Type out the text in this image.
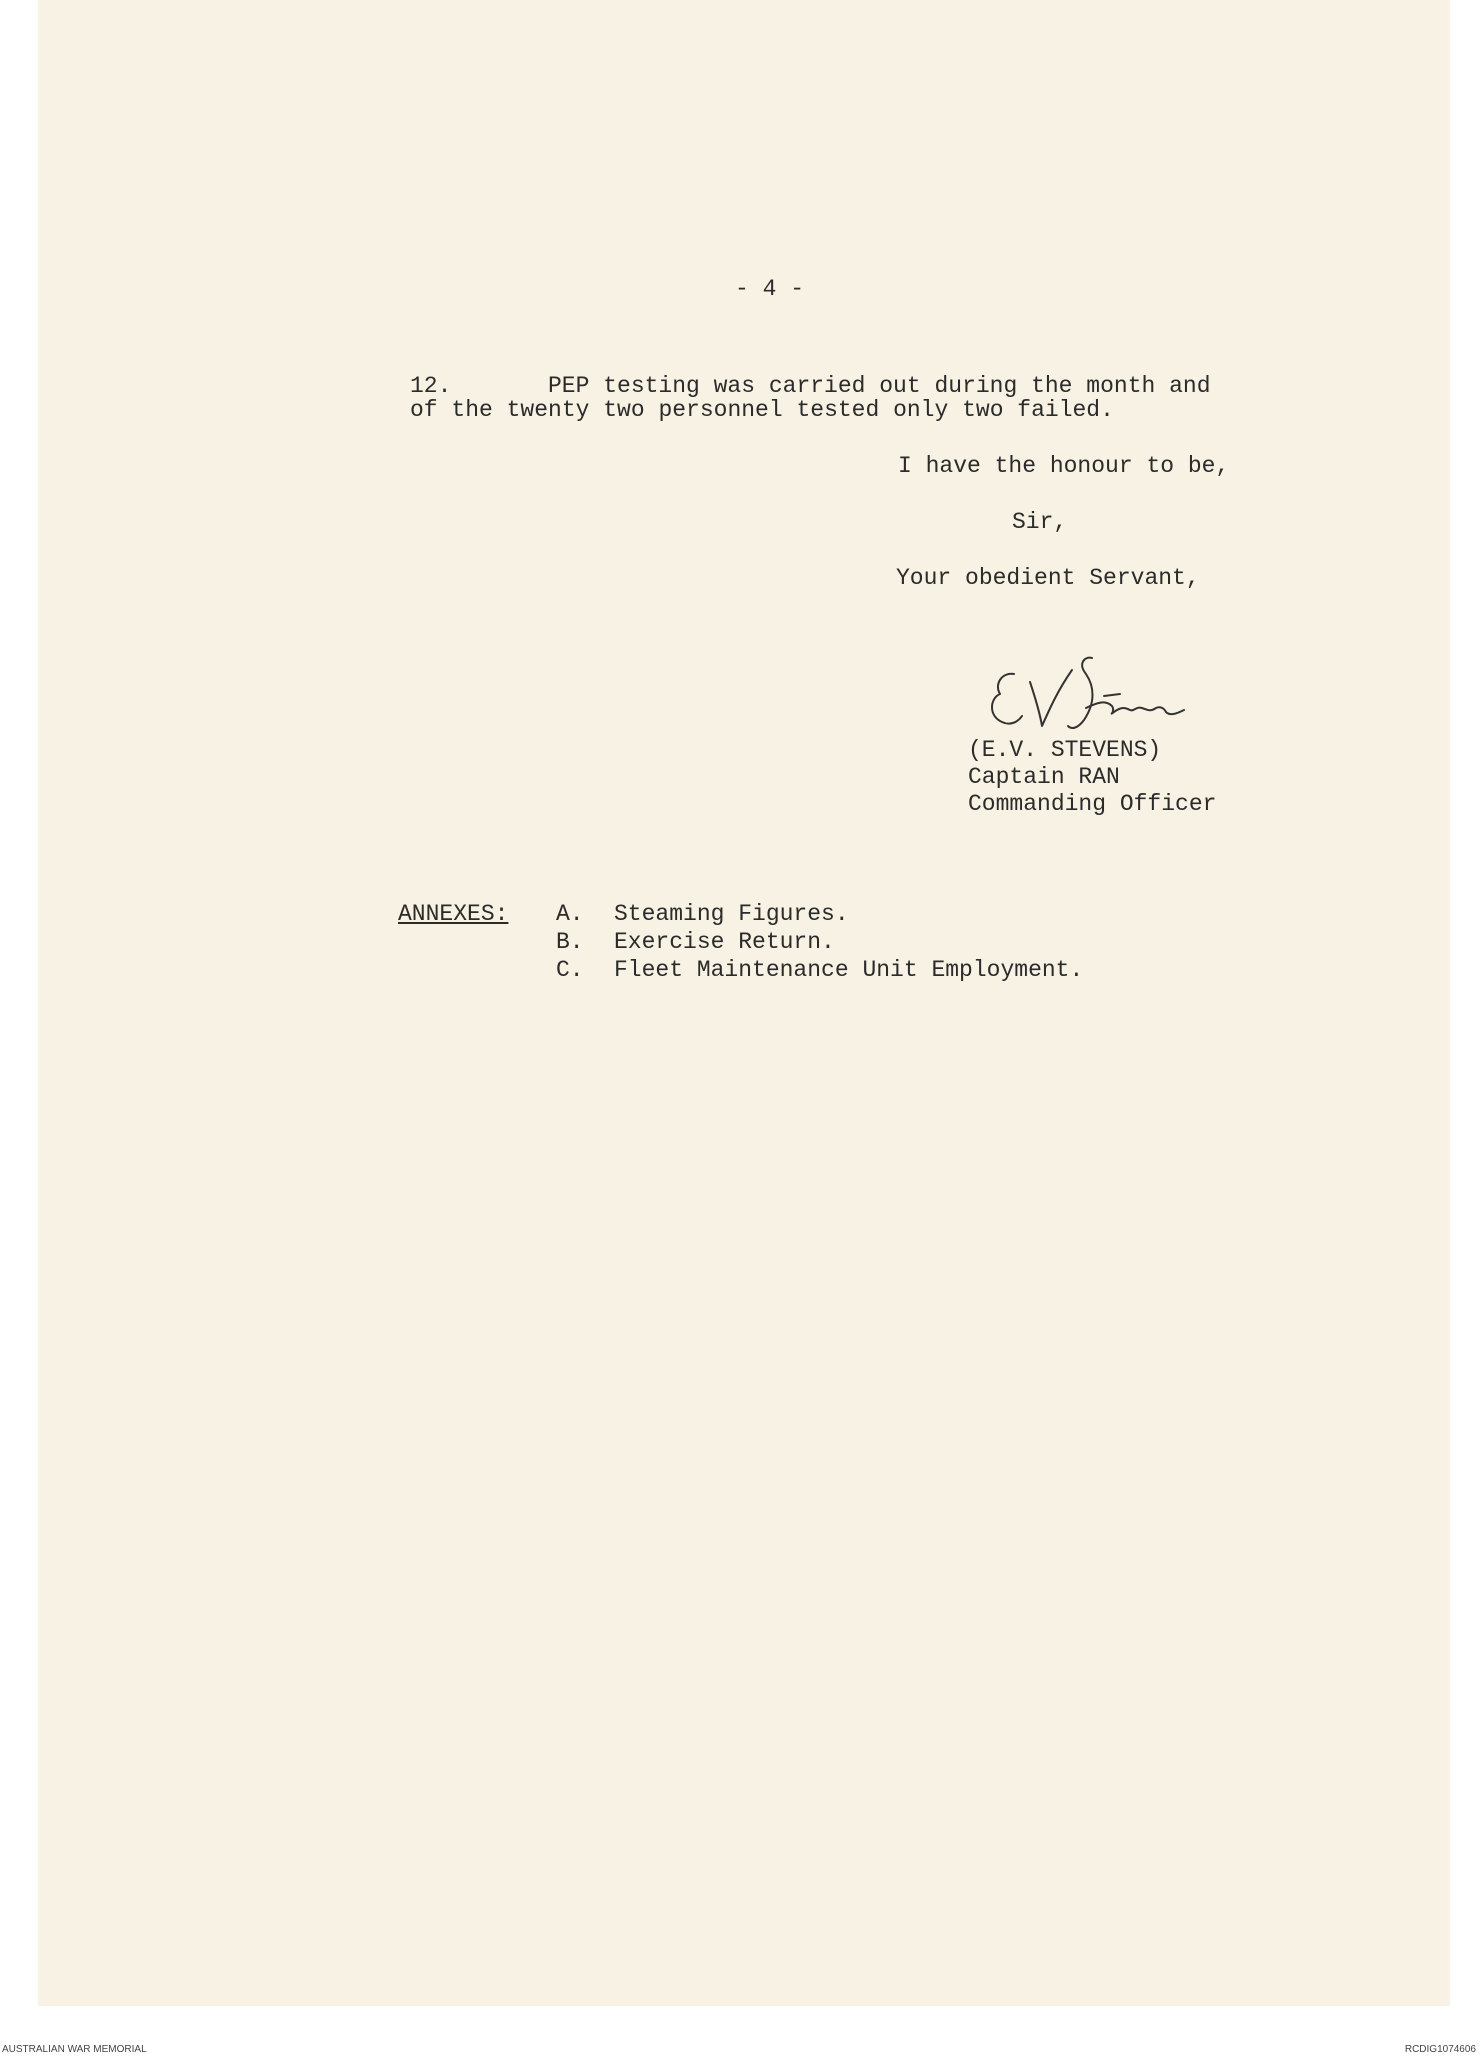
- 4 -
12.	PEP testing was carried out during the month and
of the twenty two personnel tested only two failed.
I have the honour to be,
Sir,
Your obedient Servant,
(E.V. STEVENS)
Captain RAN
Commanding Officer
ANNEXES: A. Steaming Figures.
B. Exercise Return.
C. Fleet Maintenance Unit Employment.
AUSTRALIAN WAR MEMORIAL	RCDIG1074606
